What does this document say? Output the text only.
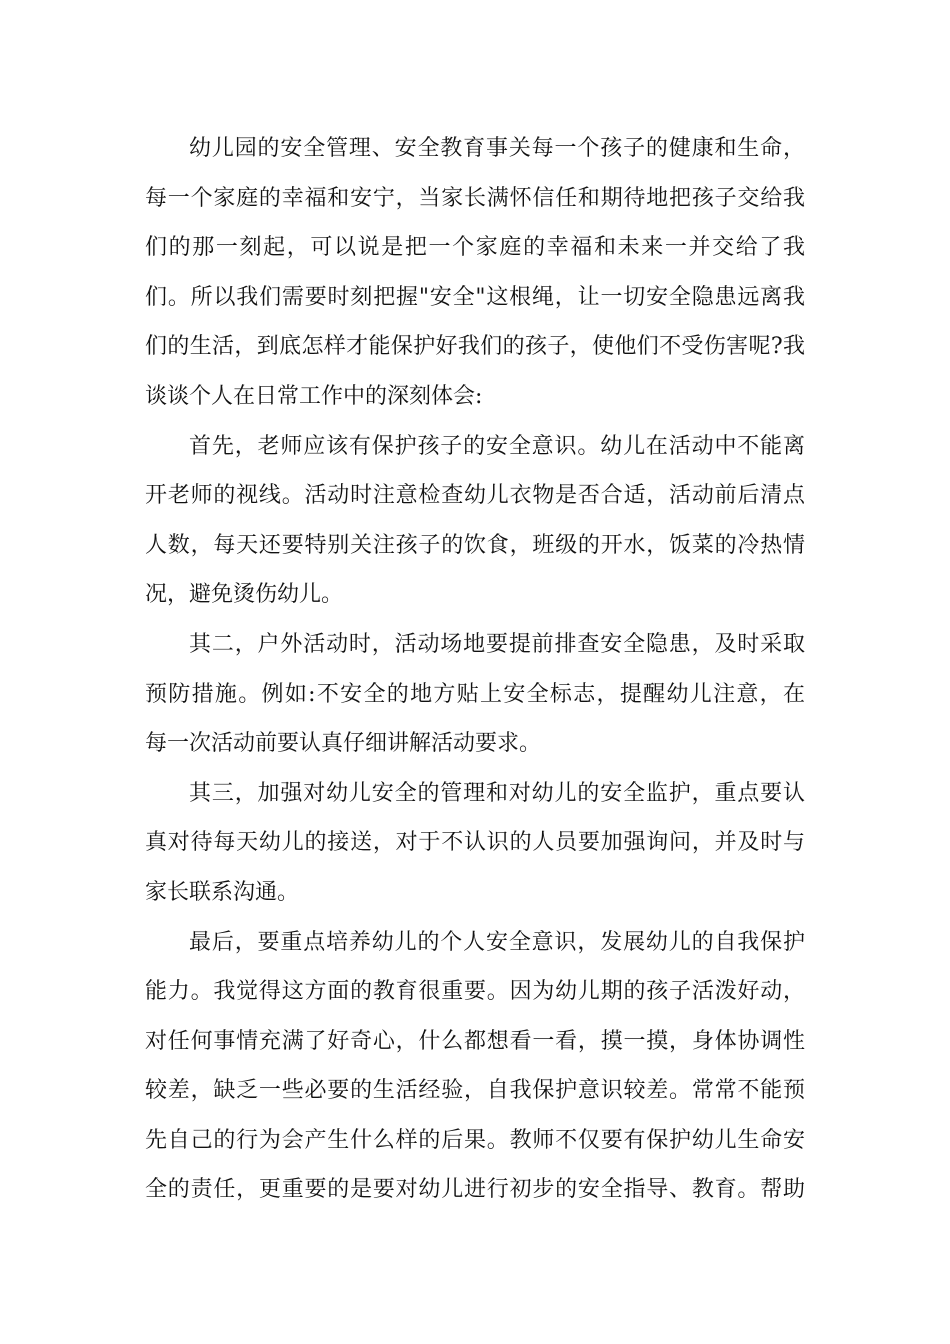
幼儿园的安全管理、安全教育事关每一个孩子的健康和生命，
每一个家庭的幸福和安宁，当家长满怀信任和期待地把孩子交给我
们的那一刻起，可以说是把一个家庭的幸福和未来一并交给了我
们。所以我们需要时刻把握"安全"这根绳，让一切安全隐患远离我
们的生活，到底怎样才能保护好我们的孩子，使他们不受伤害呢?我
谈谈个人在日常工作中的深刻体会:
首先，老师应该有保护孩子的安全意识。幼儿在活动中不能离
开老师的视线。活动时注意检查幼儿衣物是否合适，活动前后清点
人数，每天还要特别关注孩子的饮食，班级的开水，饭菜的冷热情
况，避免烫伤幼儿。
其二，户外活动时，活动场地要提前排查安全隐患，及时采取
预防措施。例如:不安全的地方贴上安全标志，提醒幼儿注意，在
每一次活动前要认真仔细讲解活动要求。
其三，加强对幼儿安全的管理和对幼儿的安全监护，重点要认
真对待每天幼儿的接送，对于不认识的人员要加强询问，并及时与
家长联系沟通。
最后，要重点培养幼儿的个人安全意识，发展幼儿的自我保护
能力。我觉得这方面的教育很重要。因为幼儿期的孩子活泼好动，
对任何事情充满了好奇心，什么都想看一看，摸一摸，身体协调性
较差，缺乏一些必要的生活经验，自我保护意识较差。常常不能预
先自己的行为会产生什么样的后果。教师不仅要有保护幼儿生命安
全的责任，更重要的是要对幼儿进行初步的安全指导、教育。帮助
